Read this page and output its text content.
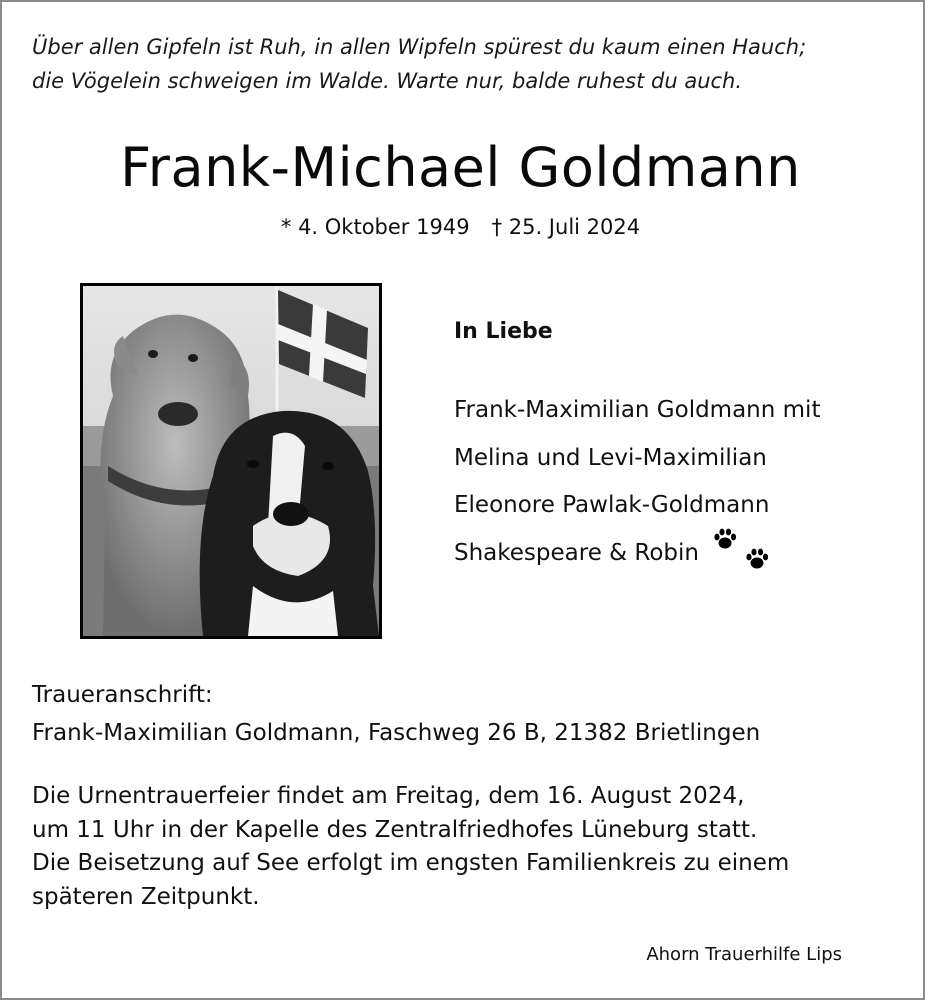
Über allen Gipfeln ist Ruh, in allen Wipfeln spürest du kaum einen Hauch;
die Vögelein schweigen im Walde. Warte nur, balde ruhest du auch.
Frank-Michael Goldmann
* 4. Oktober 1949 † 25. Juli 2024
In Liebe
Frank-Maximilian Goldmann mit
Melina und Levi-Maximilian
Eleonore Pawlak-Goldmann
Shakespeare & Robin

Traueranschrift:
Frank-Maximilian Goldmann, Faschweg 26 B, 21382 Brietlingen
Die Urnentrauerfeier findet am Freitag, dem 16. August 2024,
um 11 Uhr in der Kapelle des Zentralfriedhofes Lüneburg statt.
Die Beisetzung auf See erfolgt im engsten Familienkreis zu einem
späteren Zeitpunkt.
Ahorn Trauerhilfe Lips
